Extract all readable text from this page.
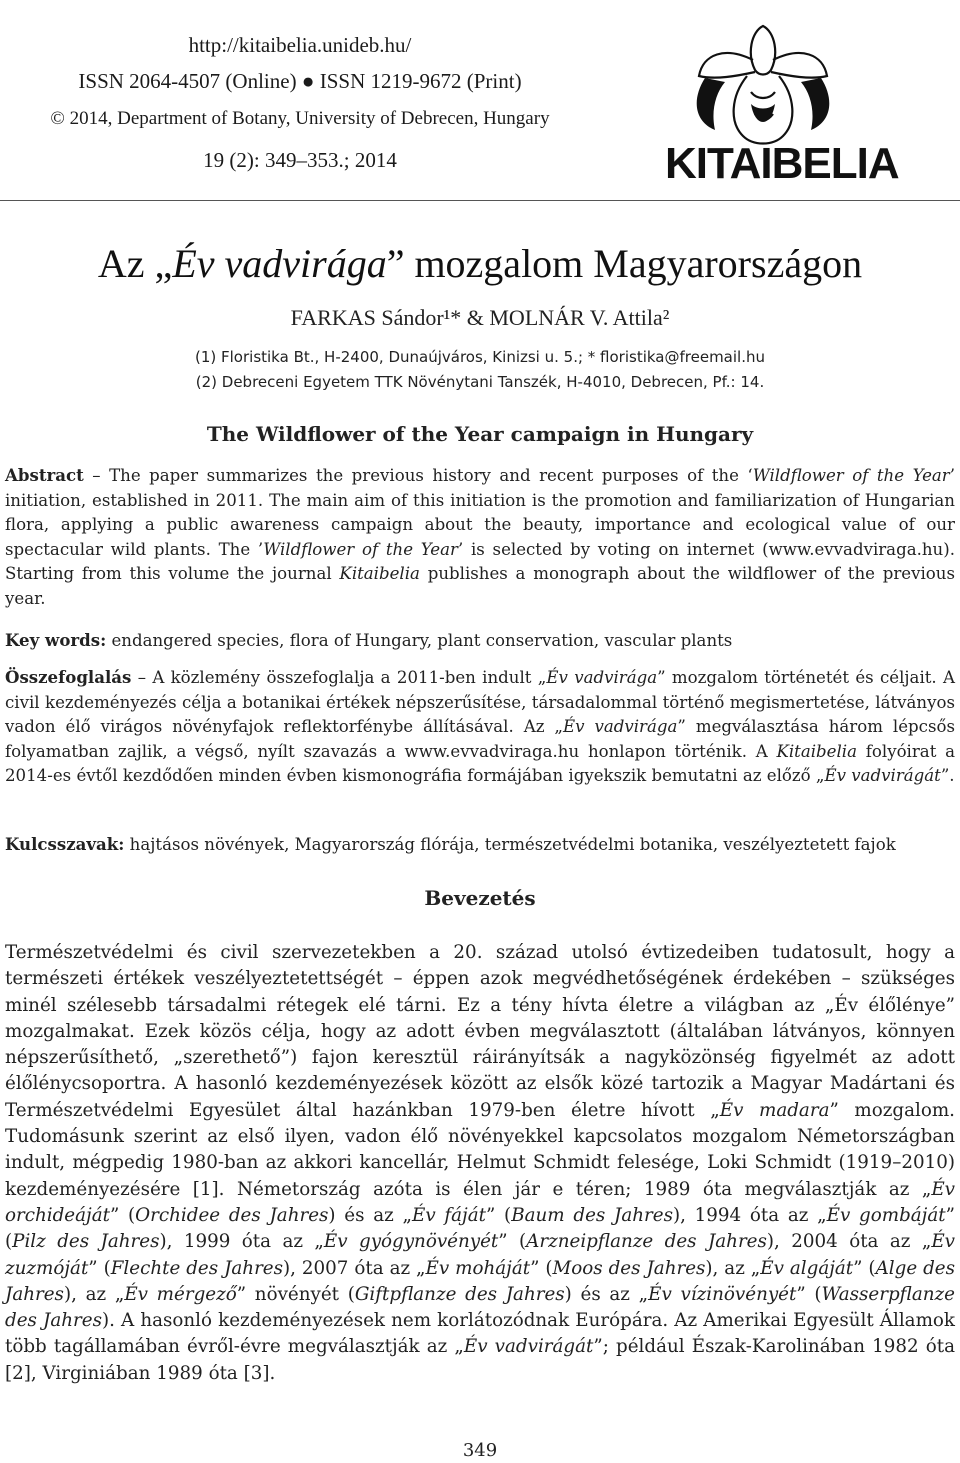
http://kitaibelia.unideb.hu/
ISSN 2064-4507 (Online) ● ISSN 1219-9672 (Print)
© 2014, Department of Botany, University of Debrecen, Hungary
19 (2): 349–353.; 2014	KITAIBELIA
Az „Év vadvirága” mozgalom Magyarországon
FARKAS Sándor¹* & MOLNÁR V. Attila²
(1) Floristika Bt., H-2400, Dunaújváros, Kinizsi u. 5.; * floristika@freemail.hu
(2) Debreceni Egyetem TTK Növénytani Tanszék, H-4010, Debrecen, Pf.: 14.
The Wildflower of the Year campaign in Hungary
Abstract – The paper summarizes the previous history and recent purposes of the ‘Wildflower of the Year’ initiation, established in 2011. The main aim of this initiation is the promotion and familiarization of Hungarian flora, applying a public awareness campaign about the beauty, importance and ecological value of our spectacular wild plants. The ’Wildflower of the Year’ is selected by voting on internet (www.evvadviraga.hu). Starting from this volume the journal Kitaibelia publishes a monograph about the wildflower of the previous year.
Key words: endangered species, flora of Hungary, plant conservation, vascular plants
Összefoglalás – A közlemény összefoglalja a 2011-ben indult „Év vadvirága” mozgalom történetét és céljait. A civil kezdeményezés célja a botanikai értékek népszerűsítése, társadalommal történő megismertetése, látványos vadon élő virágos növényfajok reflektorfénybe állításával. Az „Év vadvirága” megválasztása három lépcsős folyamatban zajlik, a végső, nyílt szavazás a www.evvadviraga.hu honlapon történik. A Kitaibelia folyóirat a 2014-es évtől kezdődően minden évben kismonográfia formájában igyekszik bemutatni az előző „Év vadvirágát”.
Kulcsszavak: hajtásos növények, Magyarország flórája, természetvédelmi botanika, veszélyeztetett fajok
Bevezetés
Természetvédelmi és civil szervezetekben a 20. század utolsó évtizedeiben tudatosult, hogy a természeti értékek veszélyeztetettségét – éppen azok megvédhetőségének érdekében – szükséges minél szélesebb társadalmi rétegek elé tárni. Ez a tény hívta életre a világban az „Év élőlénye” mozgalmakat. Ezek közös célja, hogy az adott évben megválasztott (általában látványos, könnyen népszerűsíthető, „szerethető”) fajon keresztül ráirányítsák a nagyközönség figyelmét az adott élőlénycsoportra. A hasonló kezdeményezések között az elsők közé tartozik a Magyar Madártani és Természetvédelmi Egyesület által hazánkban 1979-ben életre hívott „Év madara” mozgalom. Tudomásunk szerint az első ilyen, vadon élő növényekkel kapcsolatos mozgalom Németországban indult, mégpedig 1980-ban az akkori kancellár, Helmut Schmidt felesége, Loki Schmidt (1919–2010) kezdeményezésére [1]. Németország azóta is élen jár e téren; 1989 óta megválasztják az „Év orchideáját” (Orchidee des Jahres) és az „Év fáját” (Baum des Jahres), 1994 óta az „Év gombáját” (Pilz des Jahres), 1999 óta az „Év gyógynövényét” (Arzneipflanze des Jahres), 2004 óta az „Év zuzmóját” (Flechte des Jahres), 2007 óta az „Év moháját” (Moos des Jahres), az „Év algáját” (Alge des Jahres), az „Év mérgező” növényét (Giftpflanze des Jahres) és az „Év vízinövényét” (Wasserpflanze des Jahres). A hasonló kezdeményezések nem korlátozódnak Európára. Az Amerikai Egyesült Államok több tagállamában évről-évre megválasztják az „Év vadvirágát”; például Észak-Karolinában 1982 óta [2], Virginiában 1989 óta [3].
349
